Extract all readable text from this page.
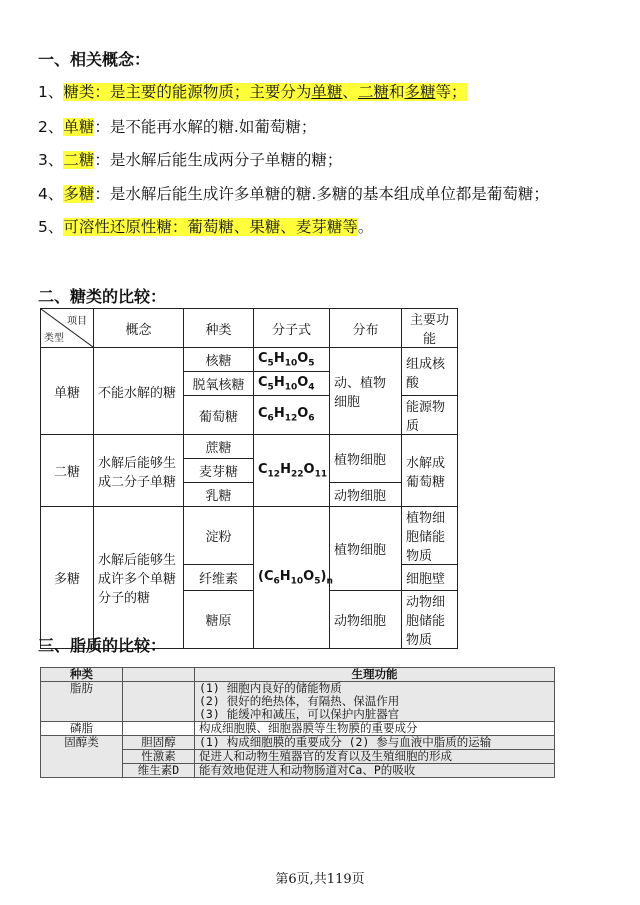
一、相关概念：
1、糖类：是主要的能源物质；主要分为单糖、二糖和多糖等；
2、单糖：是不能再水解的糖.如葡萄糖；
3、二糖：是水解后能生成两分子单糖的糖；
4、多糖：是水解后能生成许多单糖的糖.多糖的基本组成单位都是葡萄糖；
5、可溶性还原性糖：葡萄糖、果糖、麦芽糖等。
二、糖类的比较：
项目
类型	概念	种类	分子式	分布	主要功能
单糖	不能水解的糖	核糖	$C_5H_{10}O_5$	动、植物细胞	组成核酸
		脱氧核糖	$C_5H_{10}O_4$
		葡萄糖	$C_6H_{12}O_6$		能源物质
二糖	水解后能够生成二分子单糖	蔗糖	$C_{12}H_{22}O_{11}$	植物细胞	水解成葡萄糖
		麦芽糖			
		乳糖		动物细胞	
多糖	水解后能够生成许多个单糖分子的糖	淀粉	$(C_6H_{10}O_5)_n$	植物细胞	植物细胞储能物质
		纤维素			细胞壁
		糖原		动物细胞	动物细胞储能物质
三、脂质的比较：
种类		生理功能
脂肪		(1) 细胞内良好的储能物质
(2) 很好的绝热体，有隔热、保温作用
(3) 能缓冲和减压，可以保护内脏器官

磷脂		构成细胞膜、细胞器膜等生物膜的重要成分
固醇类	胆固醇	(1) 构成细胞膜的重要成分 (2) 参与血液中脂质的运输
	性激素	促进人和动物生殖器官的发育以及生殖细胞的形成
	维生素D	能有效地促进人和动物肠道对Ca、P的吸收
第6页,共119页
